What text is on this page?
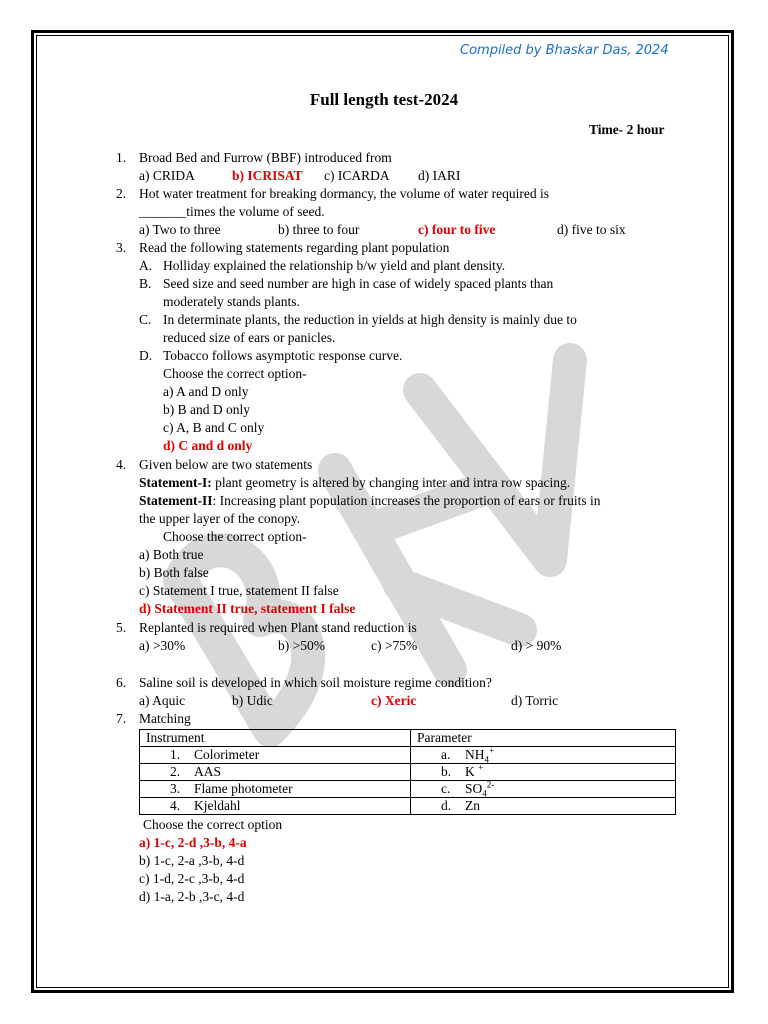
Compiled by Bhaskar Das, 2024
Full length test-2024
Time- 2 hour
1. Broad Bed and Furrow (BBF) introduced from
a) CRIDA	b) ICRISAT c) ICARDA d) IARI
2. Hot water treatment for breaking dormancy, the volume of water required is
_______times the volume of seed.
a) Two to three	b) three to four	c) four to five	d) five to six
3. Read the following statements regarding plant population
A. Holliday explained the relationship b/w yield and plant density.
B. Seed size and seed number are high in case of widely spaced plants than
moderately stands plants.
C. In determinate plants, the reduction in yields at high density is mainly due to
reduced size of ears or panicles.
D. Tobacco follows asymptotic response curve.
Choose the correct option-
a) A and D only
b) B and D only
c) A, B and C only
d) C and d only
4. Given below are two statements
Statement-I: plant geometry is altered by changing inter and intra row spacing.
Statement-II: Increasing plant population increases the proportion of ears or fruits in
the upper layer of the conopy.
Choose the correct option-
a) Both true
b) Both false
c) Statement I true, statement II false
d) Statement II true, statement I false
5. Replanted is required when Plant stand reduction is
a) >30%	b) >50%	c) >75%	d) > 90%
6. Saline soil is developed in which soil moisture regime condition?
a) Aquic	b) Udic	c) Xeric	d) Torric
7. Matching
Instrument	Parameter
1. Colorimeter	a. $NH_4^+$
2. AAS	b. K +
3. Flame photometer	c. $SO_4^{2-}$
4. Kjeldahl	d. Zn
Choose the correct option
a) 1-c, 2-d ,3-b, 4-a
b) 1-c, 2-a ,3-b, 4-d
c) 1-d, 2-c ,3-b, 4-d
d) 1-a, 2-b ,3-c, 4-d
